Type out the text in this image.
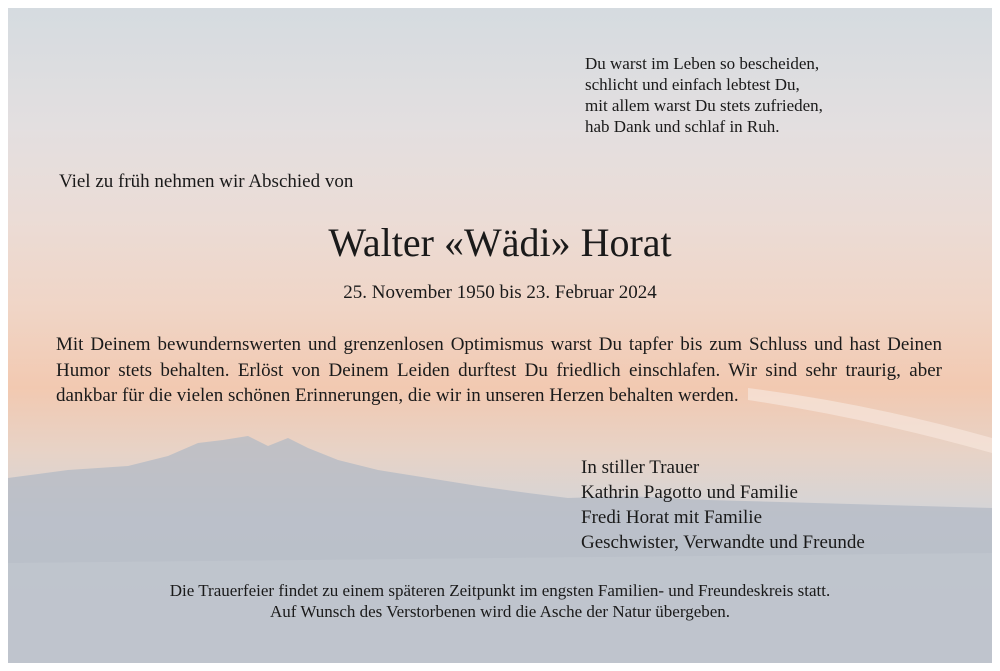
Du warst im Leben so bescheiden,
schlicht und einfach lebtest Du,
mit allem warst Du stets zufrieden,
hab Dank und schlaf in Ruh.
Viel zu früh nehmen wir Abschied von
Walter «Wädi» Horat
25. November 1950 bis 23. Februar 2024
Mit Deinem bewundernswerten und grenzenlosen Optimismus warst Du tapfer bis zum Schluss und hast Deinen Humor stets behalten. Erlöst von Deinem Leiden durftest Du friedlich einschlafen. Wir sind sehr traurig, aber dankbar für die vielen schönen Erinnerungen, die wir in unseren Herzen behalten werden.
In stiller Trauer
Kathrin Pagotto und Familie
Fredi Horat mit Familie
Geschwister, Verwandte und Freunde
Die Trauerfeier findet zu einem späteren Zeitpunkt im engsten Familien- und Freundeskreis statt.
Auf Wunsch des Verstorbenen wird die Asche der Natur übergeben.
